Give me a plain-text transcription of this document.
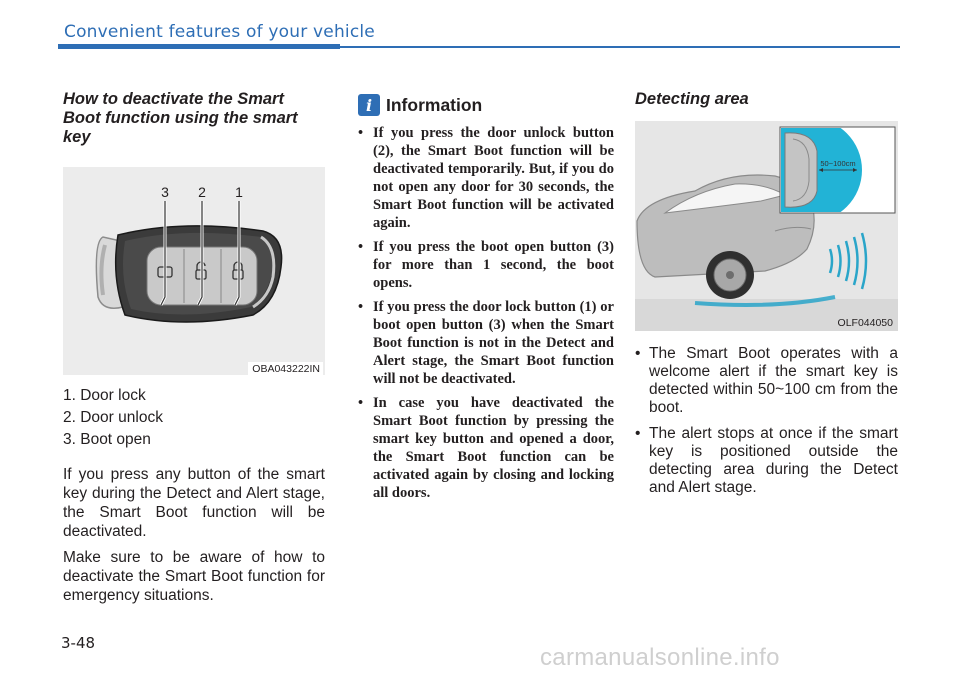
Convenient features of your vehicle
How to deactivate the Smart Boot function using the smart key
3 2 1
OBA043222IN
1. Door lock
2. Door unlock
3. Boot open

If you press any button of the smart key during the Detect and Alert stage, the Smart Boot function will be deactivated.

Make sure to be aware of how to deactivate the Smart Boot function for emergency situations.

i Information
• If you press the door unlock button (2), the Smart Boot function will be deactivated temporarily. But, if you do not open any door for 30 seconds, the Smart Boot function will be activated again.
• If you press the boot open button (3) for more than 1 second, the boot opens.
• If you press the door lock button (1) or boot open button (3) when the Smart Boot function is not in the Detect and Alert stage, the Smart Boot function will not be deactivated.
• In case you have deactivated the Smart Boot function by pressing the smart key button and opened a door, the Smart Boot function can be activated again by closing and locking all doors.
Detecting area
50~100cm
OLF044050
• The Smart Boot operates with a welcome alert if the smart key is detected within 50~100 cm from the boot.
• The alert stops at once if the smart key is positioned outside the detecting area during the Detect and Alert stage.
3-48
carmanualsonline.info
